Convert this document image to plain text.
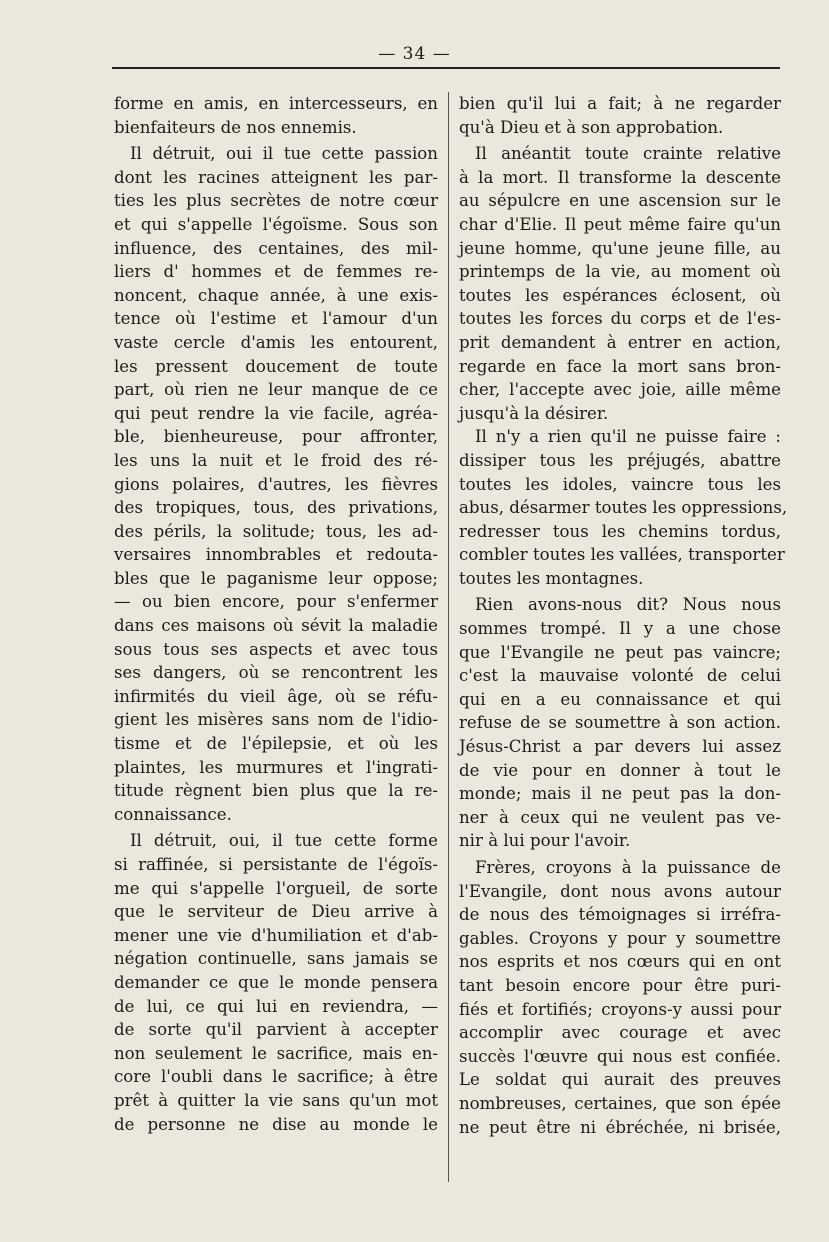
— 34 —
forme en amis, en intercesseurs, en
bienfaiteurs de nos ennemis.
Il détruit, oui il tue cette passion
dont les racines atteignent les par-
ties les plus secrètes de notre cœur
et qui s'appelle l'égoïsme. Sous son
influence, des centaines, des mil-
liers d' hommes et de femmes re-
noncent, chaque année, à une exis-
tence où l'estime et l'amour d'un
vaste cercle d'amis les entourent,
les pressent doucement de toute
part, où rien ne leur manque de ce
qui peut rendre la vie facile, agréa-
ble, bienheureuse, pour affronter,
les uns la nuit et le froid des ré-
gions polaires, d'autres, les fièvres
des tropiques, tous, des privations,
des périls, la solitude; tous, les ad-
versaires innombrables et redouta-
bles que le paganisme leur oppose;
— ou bien encore, pour s'enfermer
dans ces maisons où sévit la maladie
sous tous ses aspects et avec tous
ses dangers, où se rencontrent les
infirmités du vieil âge, où se réfu-
gient les misères sans nom de l'idio-
tisme et de l'épilepsie, et où les
plaintes, les murmures et l'ingrati-
titude règnent bien plus que la re-
connaissance.
Il détruit, oui, il tue cette forme
si raffinée, si persistante de l'égoïs-
me qui s'appelle l'orgueil, de sorte
que le serviteur de Dieu arrive à
mener une vie d'humiliation et d'ab-
négation continuelle, sans jamais se
demander ce que le monde pensera
de lui, ce qui lui en reviendra, —
de sorte qu'il parvient à accepter
non seulement le sacrifice, mais en-
core l'oubli dans le sacrifice; à être
prêt à quitter la vie sans qu'un mot
de personne ne dise au monde le
bien qu'il lui a fait; à ne regarder
qu'à Dieu et à son approbation.
Il anéantit toute crainte relative
à la mort. Il transforme la descente
au sépulcre en une ascension sur le
char d'Elie. Il peut même faire qu'un
jeune homme, qu'une jeune fille, au
printemps de la vie, au moment où
toutes les espérances éclosent, où
toutes les forces du corps et de l'es-
prit demandent à entrer en action,
regarde en face la mort sans bron-
cher, l'accepte avec joie, aille même
jusqu'à la désirer.
Il n'y a rien qu'il ne puisse faire :
dissiper tous les préjugés, abattre
toutes les idoles, vaincre tous les
abus, désarmer toutes les oppressions,
redresser tous les chemins tordus,
combler toutes les vallées, transporter
toutes les montagnes.
Rien avons-nous dit? Nous nous
sommes trompé. Il y a une chose
que l'Evangile ne peut pas vaincre;
c'est la mauvaise volonté de celui
qui en a eu connaissance et qui
refuse de se soumettre à son action.
Jésus-Christ a par devers lui assez
de vie pour en donner à tout le
monde; mais il ne peut pas la don-
ner à ceux qui ne veulent pas ve-
nir à lui pour l'avoir.
Frères, croyons à la puissance de
l'Evangile, dont nous avons autour
de nous des témoignages si irréfra-
gables. Croyons y pour y soumettre
nos esprits et nos cœurs qui en ont
tant besoin encore pour être puri-
fiés et fortifiés; croyons-y aussi pour
accomplir avec courage et avec
succès l'œuvre qui nous est confiée.
Le soldat qui aurait des preuves
nombreuses, certaines, que son épée
ne peut être ni ébréchée, ni brisée,
